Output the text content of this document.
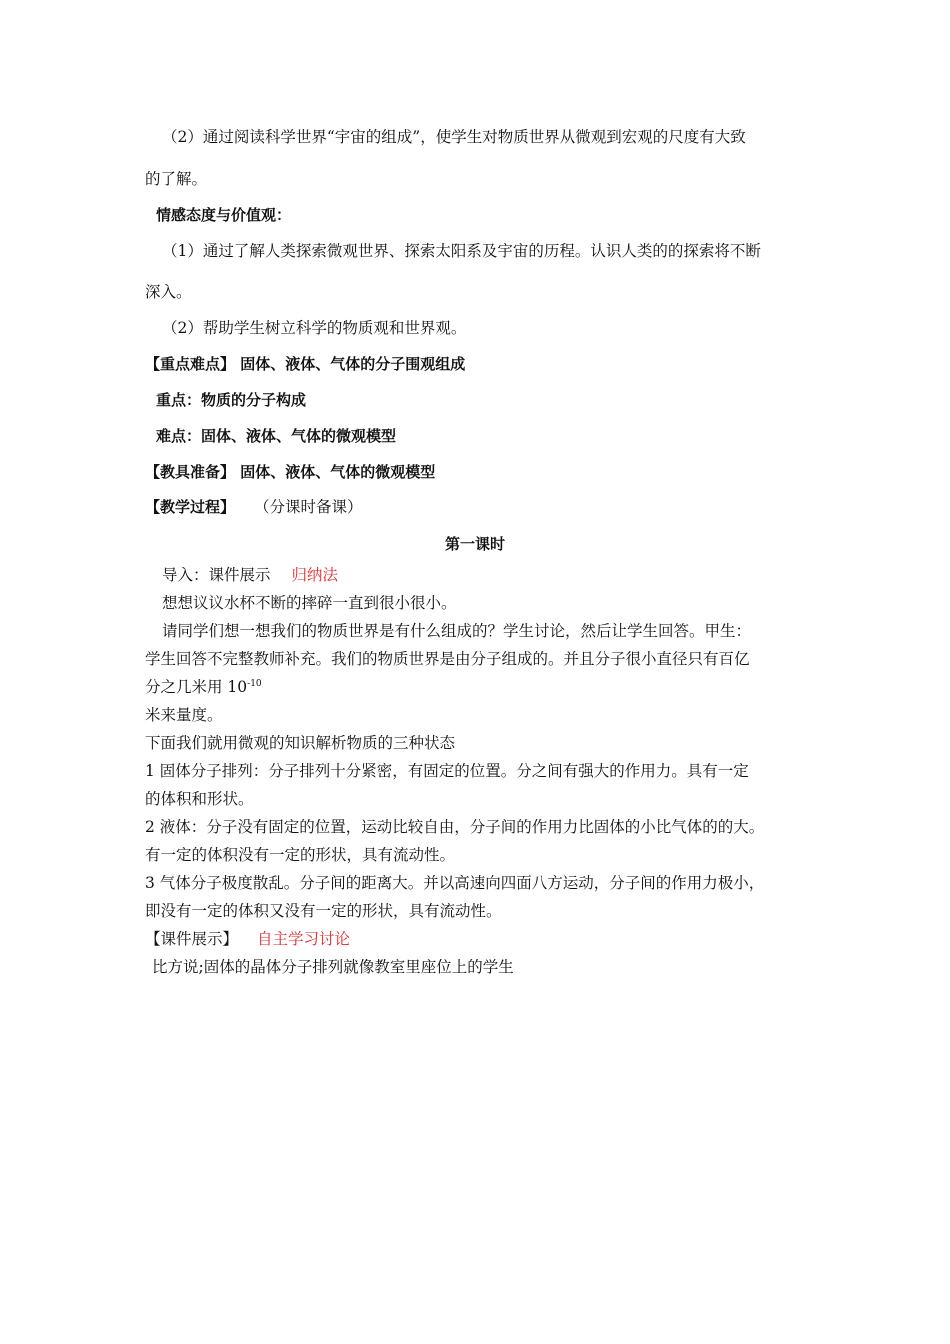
（2）通过阅读科学世界“宇宙的组成”，使学生对物质世界从微观到宏观的尺度有大致
的了解。
情感态度与价值观：
（1）通过了解人类探索微观世界、探索太阳系及宇宙的历程。认识人类的的探索将不断
深入。
（2）帮助学生树立科学的物质观和世界观。
【重点难点】 固体、液体、气体的分子围观组成
重点：物质的分子构成
难点：固体、液体、气体的微观模型
【教具准备】 固体、液体、气体的微观模型
【教学过程】 （分课时备课）
第一课时
导入：课件展示 归纳法
想想议议水杯不断的摔碎一直到很小很小。
请同学们想一想我们的物质世界是有什么组成的？学生讨论，然后让学生回答。甲生：
学生回答不完整教师补充。我们的物质世界是由分子组成的。并且分子很小直径只有百亿
分之几米用 $10^{-10}$
米来量度。
下面我们就用微观的知识解析物质的三种状态
1 固体分子排列：分子排列十分紧密，有固定的位置。分之间有强大的作用力。具有一定
的体积和形状。
2 液体：分子没有固定的位置，运动比较自由，分子间的作用力比固体的小比气体的的大。
有一定的体积没有一定的形状，具有流动性。
3 气体分子极度散乱。分子间的距离大。并以高速向四面八方运动，分子间的作用力极小，
即没有一定的体积又没有一定的形状，具有流动性。
【课件展示】 自主学习讨论
比方说;固体的晶体分子排列就像教室里座位上的学生
